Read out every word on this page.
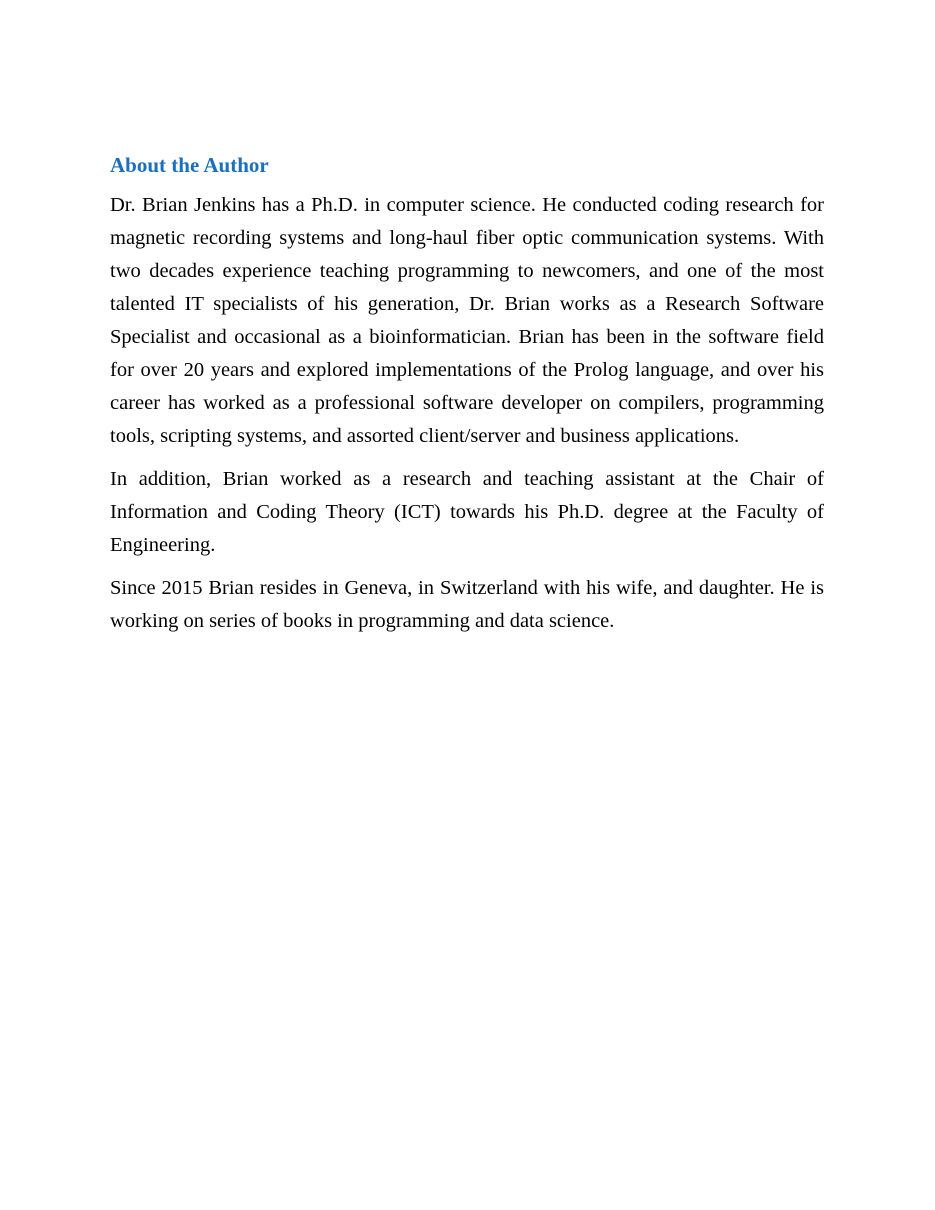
About the Author

Dr. Brian Jenkins has a Ph.D. in computer science. He conducted coding research for magnetic recording systems and long-haul fiber optic communication systems. With two decades experience teaching programming to newcomers, and one of the most talented IT specialists of his generation, Dr. Brian works as a Research Software Specialist and occasional as a bioinformatician. Brian has been in the software field for over 20 years and explored implementations of the Prolog language, and over his career has worked as a professional software developer on compilers, programming tools, scripting systems, and assorted client/server and business applications.

In addition, Brian worked as a research and teaching assistant at the Chair of Information and Coding Theory (ICT) towards his Ph.D. degree at the Faculty of Engineering.

Since 2015 Brian resides in Geneva, in Switzerland with his wife, and daughter. He is working on series of books in programming and data science.
